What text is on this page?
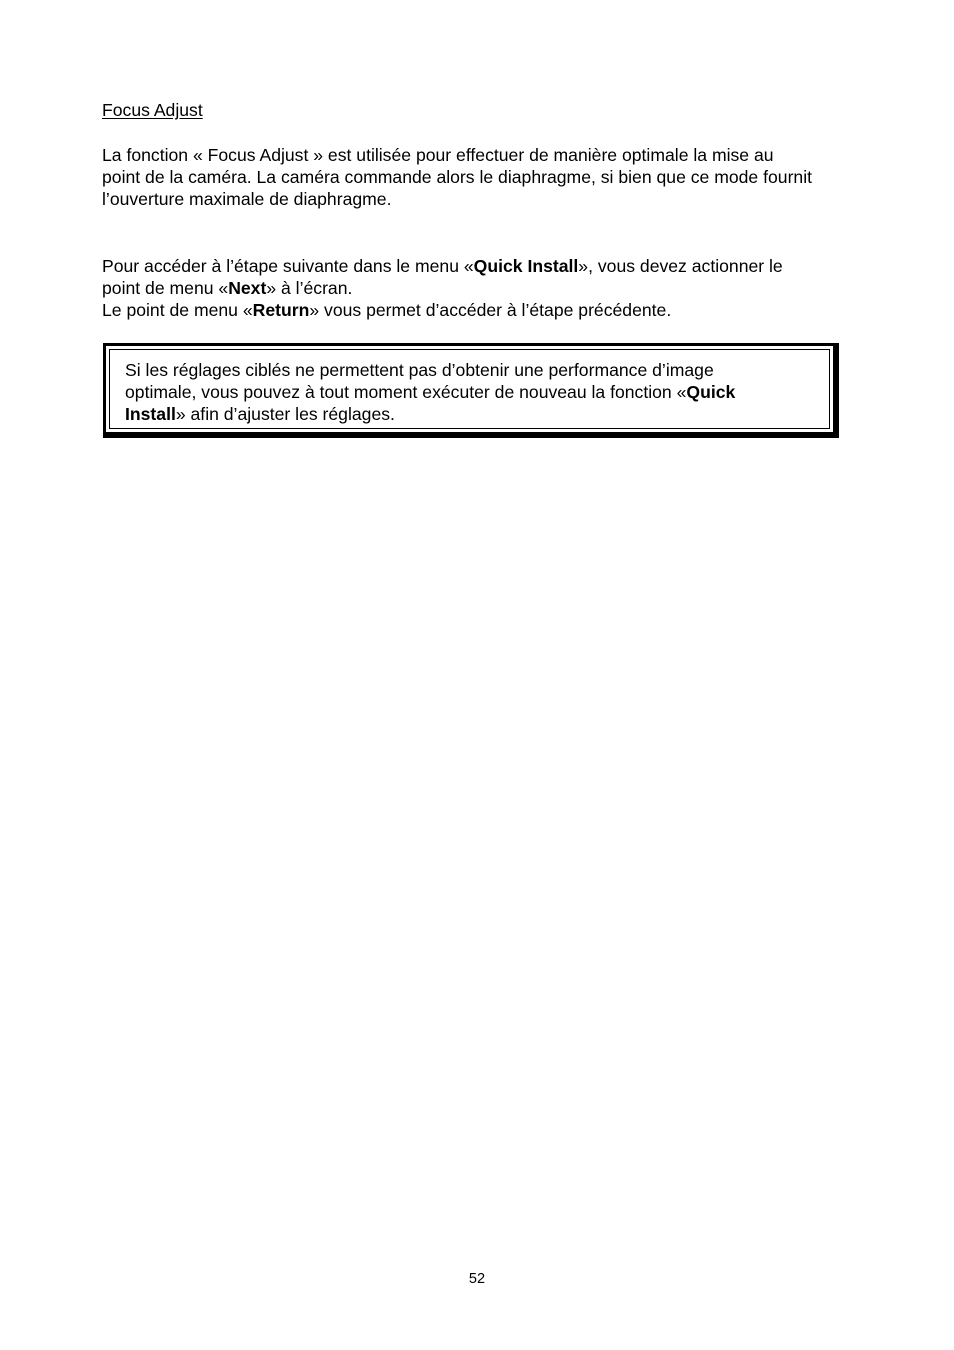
Focus Adjust

La fonction « Focus Adjust » est utilisée pour effectuer de manière optimale la mise au
point de la caméra. La caméra commande alors le diaphragme, si bien que ce mode fournit
l’ouverture maximale de diaphragme.

Pour accéder à l’étape suivante dans le menu «Quick Install», vous devez actionner le
point de menu «Next» à l’écran.
Le point de menu «Return» vous permet d’accéder à l’étape précédente.

Si les réglages ciblés ne permettent pas d’obtenir une performance d’image
optimale, vous pouvez à tout moment exécuter de nouveau la fonction «Quick
Install» afin d’ajuster les réglages.

52
